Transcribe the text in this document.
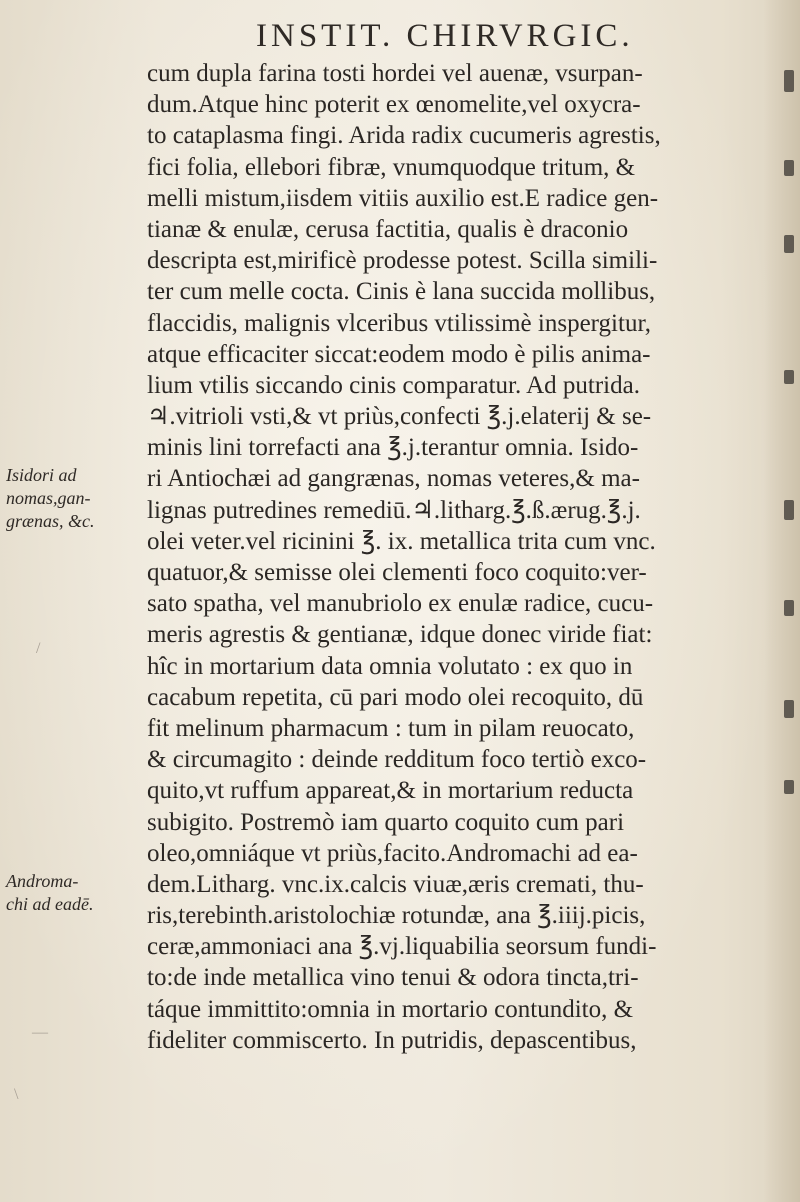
INSTIT. CHIRVRGIC.
cum dupla farina tosti hordei vel auenæ, vsurpan-
dum.Atque hinc poterit ex œnomelite,vel oxycra-
to cataplasma fingi. Arida radix cucumeris agrestis,
fici folia, ellebori fibræ, vnumquodque tritum, &
melli mistum,iisdem vitiis auxilio est.E radice gen-
tianæ & enulæ, cerusa factitia, qualis è draconio
descripta est,mirificè prodesse potest. Scilla simili-
ter cum melle cocta. Cinis è lana succida mollibus,
flaccidis, malignis vlceribus vtilissimè inspergitur,
atque efficaciter siccat:eodem modo è pilis anima-
lium vtilis siccando cinis comparatur. Ad putrida.
♃.vitrioli vsti,& vt priùs,confecti ℥.j.elaterij & se-
minis lini torrefacti ana ℥.j.terantur omnia. Isido-
ri Antiochæi ad gangrænas, nomas veteres,& ma-
lignas putredines remediū.♃.litharg.℥.ß.ærug.℥.j.
olei veter.vel ricinini ℥. ix. metallica trita cum vnc.
quatuor,& semisse olei clementi foco coquito:ver-
sato spatha, vel manubriolo ex enulæ radice, cucu-
meris agrestis & gentianæ, idque donec viride fiat:
hîc in mortarium data omnia volutato : ex quo in
cacabum repetita, cū pari modo olei recoquito, dū
fit melinum pharmacum : tum in pilam reuocato,
& circumagito : deinde redditum foco tertiò exco-
quito,vt ruffum appareat,& in mortarium reducta
subigito. Postremò iam quarto coquito cum pari
oleo,omniáque vt priùs,facito.Andromachi ad ea-
dem.Litharg. vnc.ix.calcis viuæ,æris cremati, thu-
ris,terebinth.aristolochiæ rotundæ, ana ℥.iiij.picis,
ceræ,ammoniaci ana ℥.vj.liquabilia seorsum fundi-
to:de inde metallica vino tenui & odora tincta,tri-
táque immittito:omnia in mortario contundito, &
fideliter commiscerto. In putridis, depascentibus,
Isidori ad
nomas,gan-
grænas, &c.
Androma-
chi ad eadē.
/
—
\
